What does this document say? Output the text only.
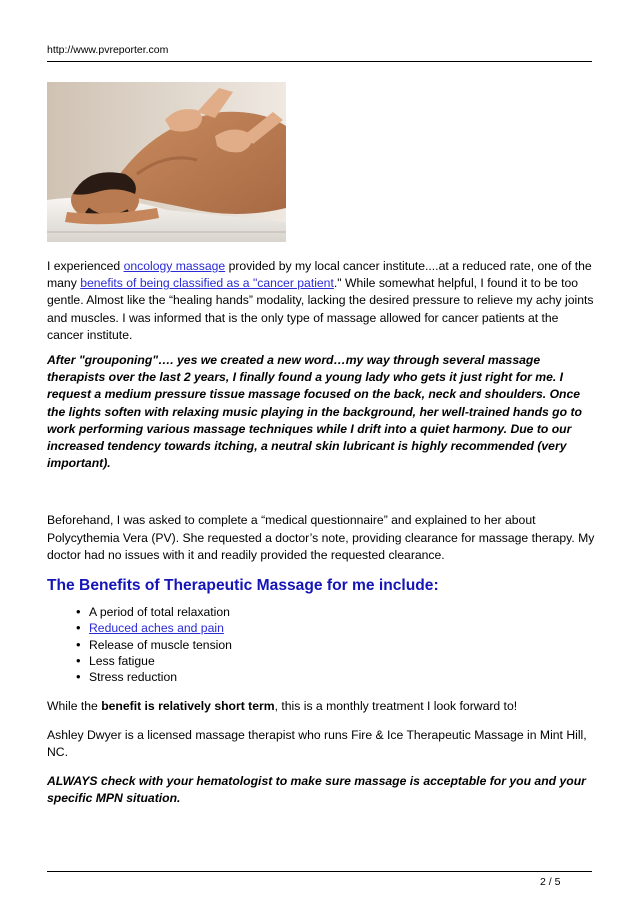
http://www.pvreporter.com

I experienced oncology massage provided by my local cancer institute....at a reduced rate, one of the many benefits of being classified as a "cancer patient." While somewhat helpful, I found it to be too gentle. Almost like the “healing hands” modality, lacking the desired pressure to relieve my achy joints and muscles. I was informed that is the only type of massage allowed for cancer patients at the cancer institute.

After "grouponing"…. yes we created a new word…my way through several massage therapists over the last 2 years, I finally found a young lady who gets it just right for me. I request a medium pressure tissue massage focused on the back, neck and shoulders. Once the lights soften with relaxing music playing in the background, her well-trained hands go to work performing various massage techniques while I drift into a quiet harmony. Due to our increased tendency towards itching, a neutral skin lubricant is highly recommended (very important).

Beforehand, I was asked to complete a “medical questionnaire” and explained to her about Polycythemia Vera (PV). She requested a doctor’s note, providing clearance for massage therapy. My doctor had no issues with it and readily provided the requested clearance.

The Benefits of Therapeutic Massage for me include:
• A period of total relaxation
• Reduced aches and pain
• Release of muscle tension
• Less fatigue
• Stress reduction

While the benefit is relatively short term, this is a monthly treatment I look forward to!

Ashley Dwyer is a licensed massage therapist who runs Fire & Ice Therapeutic Massage in Mint Hill, NC.

ALWAYS check with your hematologist to make sure massage is acceptable for you and your specific MPN situation.

2 / 5
